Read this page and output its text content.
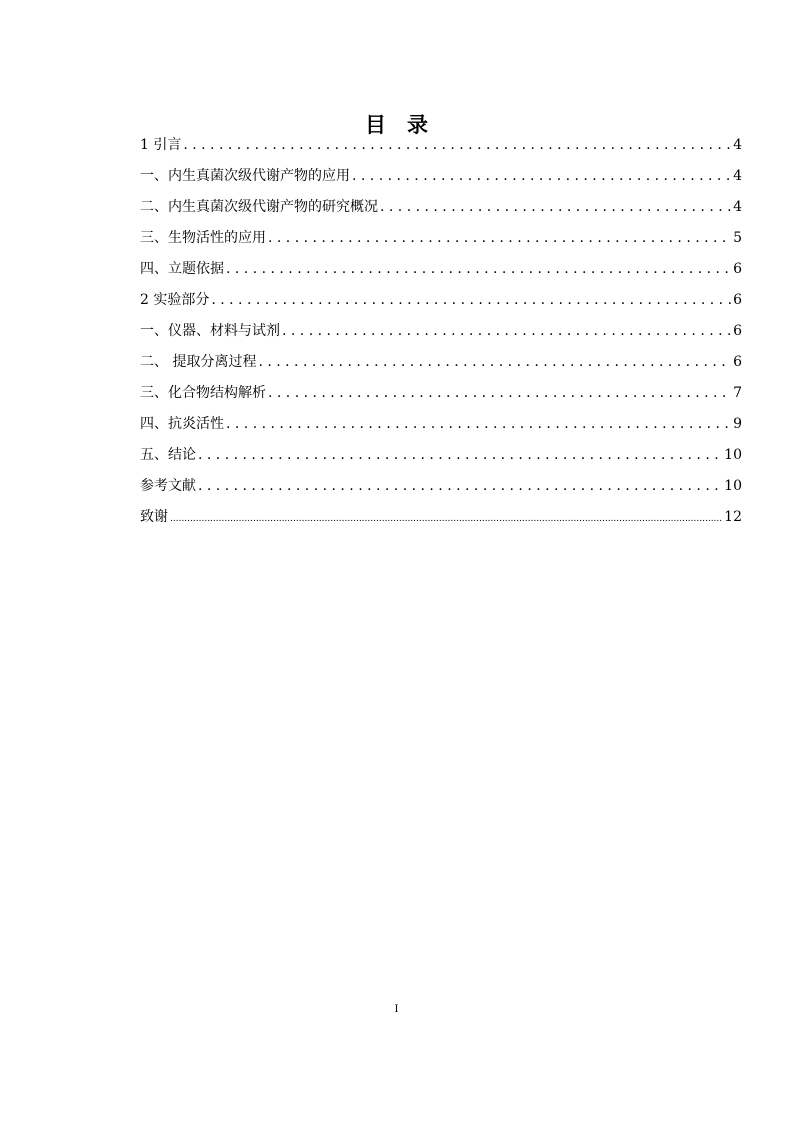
目 录
1 引言 . . .	4
一、内生真菌次级代谢产物的应用 . . .	4
二、内生真菌次级代谢产物的研究概况 . . .	4
三、生物活性的应用 . . .	5
四、立题依据 . . .	6
2 实验部分 . . .	6
一、仪器、材料与试剂 . . .	6
二、 提取分离过程 . . .	6
三、化合物结构解析 . . .	7
四、抗炎活性 . . .	9
五、结论 . . .	10
参考文献 . . .	10
致谢 .....	12
I
